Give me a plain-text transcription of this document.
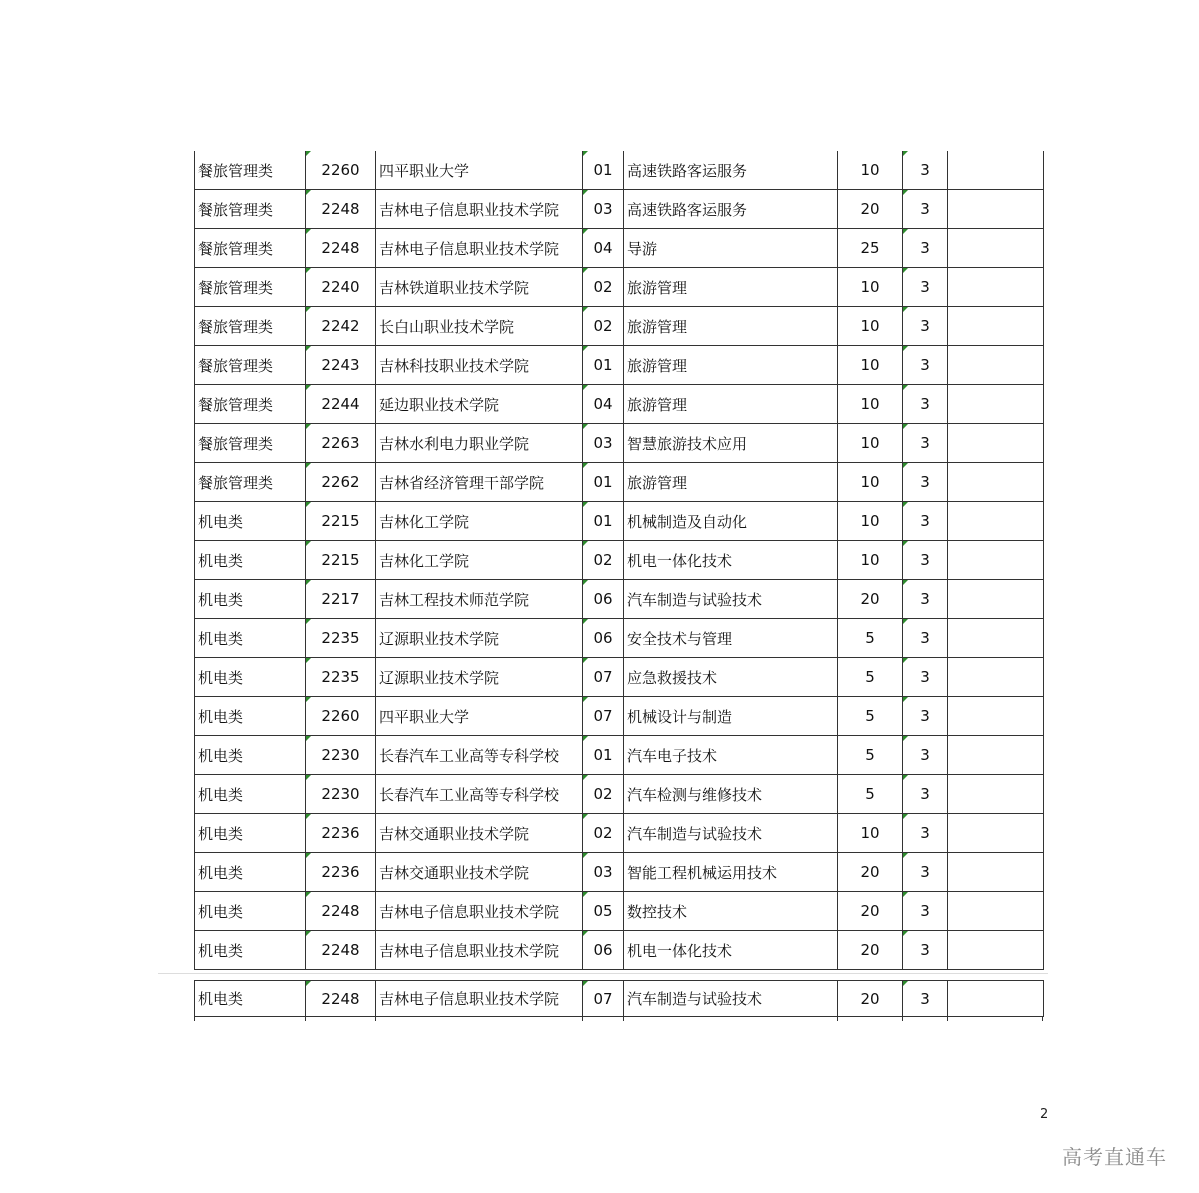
餐旅管理类	2260	四平职业大学	01	高速铁路客运服务	10	3	
餐旅管理类	2248	吉林电子信息职业技术学院	03	高速铁路客运服务	20	3	
餐旅管理类	2248	吉林电子信息职业技术学院	04	导游	25	3	
餐旅管理类	2240	吉林铁道职业技术学院	02	旅游管理	10	3	
餐旅管理类	2242	长白山职业技术学院	02	旅游管理	10	3	
餐旅管理类	2243	吉林科技职业技术学院	01	旅游管理	10	3	
餐旅管理类	2244	延边职业技术学院	04	旅游管理	10	3	
餐旅管理类	2263	吉林水利电力职业学院	03	智慧旅游技术应用	10	3	
餐旅管理类	2262	吉林省经济管理干部学院	01	旅游管理	10	3	
机电类	2215	吉林化工学院	01	机械制造及自动化	10	3	
机电类	2215	吉林化工学院	02	机电一体化技术	10	3	
机电类	2217	吉林工程技术师范学院	06	汽车制造与试验技术	20	3	
机电类	2235	辽源职业技术学院	06	安全技术与管理	5	3	
机电类	2235	辽源职业技术学院	07	应急救援技术	5	3	
机电类	2260	四平职业大学	07	机械设计与制造	5	3	
机电类	2230	长春汽车工业高等专科学校	01	汽车电子技术	5	3	
机电类	2230	长春汽车工业高等专科学校	02	汽车检测与维修技术	5	3	
机电类	2236	吉林交通职业技术学院	02	汽车制造与试验技术	10	3	
机电类	2236	吉林交通职业技术学院	03	智能工程机械运用技术	20	3	
机电类	2248	吉林电子信息职业技术学院	05	数控技术	20	3	
机电类	2248	吉林电子信息职业技术学院	06	机电一体化技术	20	3	
机电类	2248	吉林电子信息职业技术学院	07	汽车制造与试验技术	20	3	
2
高考直通车
